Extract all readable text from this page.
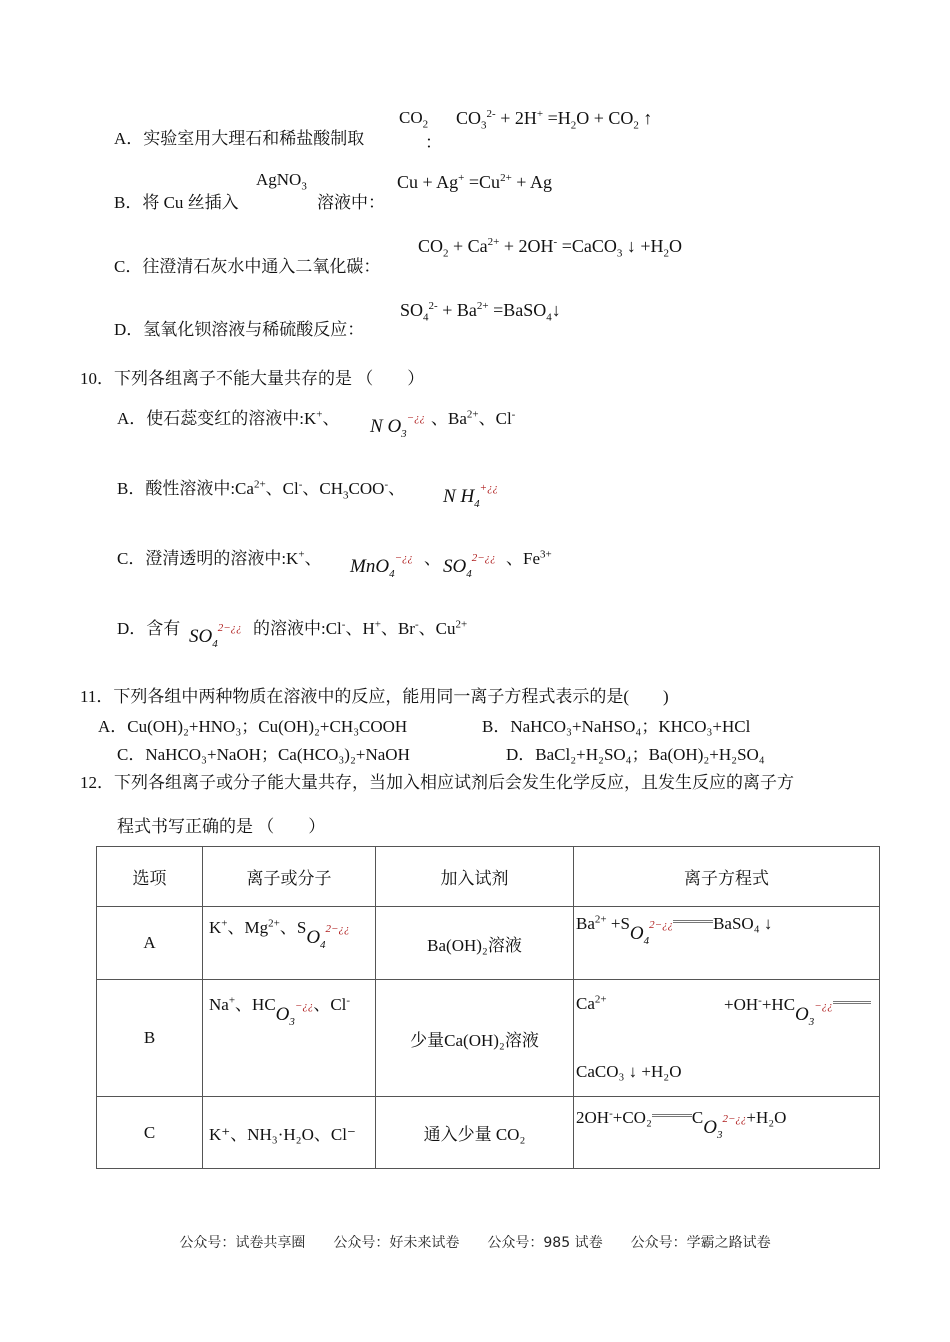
A．实验室用大理石和稀盐酸制取
$CO_2$
：
$CO_3^{2-} + 2H^+ =H_2O + CO_2$ ↑
B．将 Cu 丝插入
AgNO$_3$
溶液中：
$Cu + Ag^+ =Cu^{2+} + Ag$
C．往澄清石灰水中通入二氧化碳：
$CO_2 + Ca^{2+} + 2OH^-$ =CaCO$_3$ ↓ $+H_2O$
D．氢氧化钡溶液与稀硫酸反应：
$SO_4^{2-} + Ba^{2+}$ =BaSO$_4$↓
10．下列各组离子不能大量共存的是 （　　）
A．使石蕊变红的溶液中:K+、 N $O_3^{-¿¿}$ 、$Ba^{2+}$、Cl-
B．酸性溶液中$:Ca^{2+}$、Cl-、$CH_3COO^-$、 N $H_4^{+¿¿}$
C．澄清透明的溶液中:K+、 MnO$_4$−¿¿ 、 $SO_4^{2-¿¿}$ 、$Fe^{3+}$
D．含有 $SO_4^{2-¿¿}$ 的溶液中:Cl-、H+、Br-、$Cu^{2+}$
11．下列各组中两种物质在溶液中的反应，能用同一离子方程式表示的是(　　)
A．Cu(OH)₂+HNO₃；Cu(OH)₂+CH₃COOH	B．NaHCO₃+NaHSO₄；KHCO₃+HCl
C．NaHCO₃+NaOH；Ca(HCO₃)₂+NaOH	D．BaCl₂+H₂SO₄；Ba(OH)₂+H₂SO₄
12．下列各组离子或分子能大量共存，当加入相应试剂后会发生化学反应，且发生反应的离子方
程式书写正确的是 （　　）
选项	离子或分子	加入试剂	离子方程式
A	K+、$Mg^{2+}$、$SO_4^{2-¿¿}$	Ba(OH)₂溶液	$Ba^{2+} +SO_4^{2-¿¿}$ BaSO₄ ↓
B	Na+、$HCO_3^{-¿¿}$、Cl-	少量Ca(OH)₂溶液	$Ca^{2+} +OH^-+HCO_3^{-¿¿}$
CaCO₃ ↓ +H₂O

C	K⁺、NH₃·H₂O、Cl⁻	通入少量 CO₂	2OH-+CO₂ $CO_3^{2-¿¿}+H_2O$
公众号：试卷共享圈　　公众号：好未来试卷　　公众号：985 试卷　　公众号：学霸之路试卷
